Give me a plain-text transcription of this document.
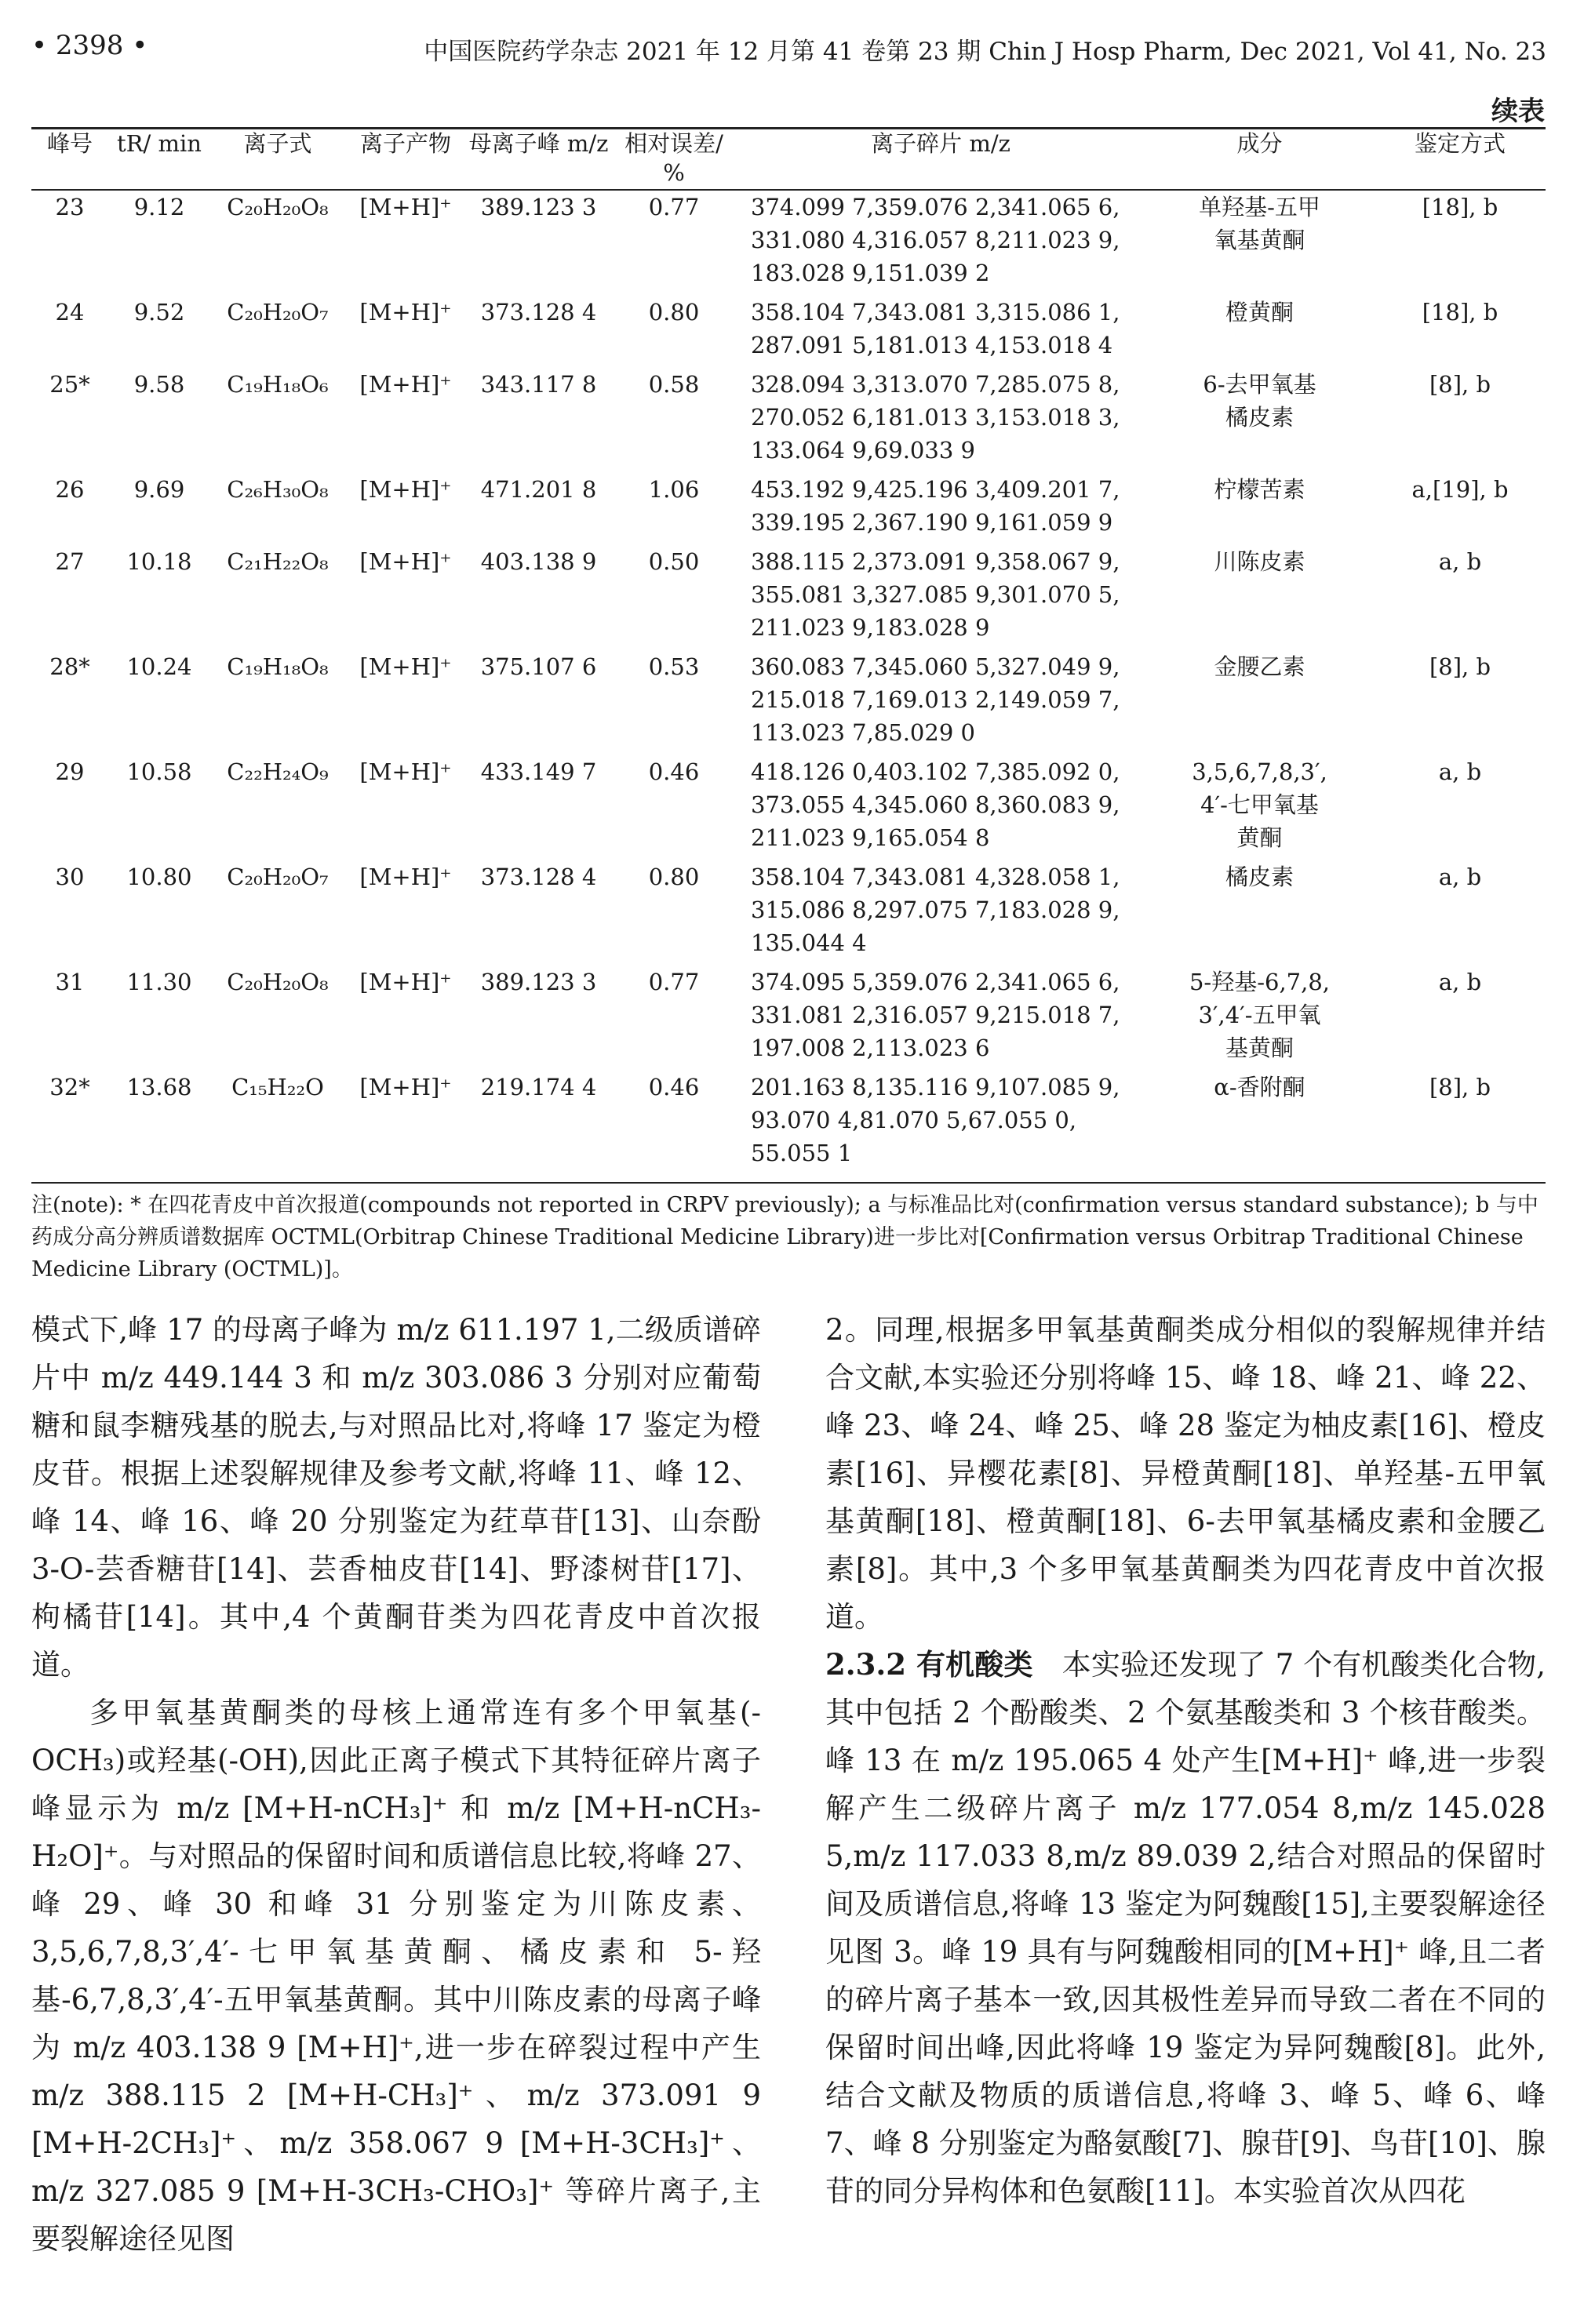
• 2398 •	中国医院药学杂志 2021 年 12 月第 41 卷第 23 期 Chin J Hosp Pharm, Dec 2021, Vol 41, No. 23
续表
峰号	tR/ min	离子式	离子产物	母离子峰 m/z	相对误差/ %	离子碎片 m/z	成分	鉴定方式
23	9.12	C₂₀H₂₀O₈	[M+H]⁺	389.123 3	0.77	374.099 7,359.076 2,341.065 6,
331.080 4,316.057 8,211.023 9,
183.028 9,151.039 2	单羟基-五甲
氧基黄酮	[18], b
24	9.52	C₂₀H₂₀O₇	[M+H]⁺	373.128 4	0.80	358.104 7,343.081 3,315.086 1,
287.091 5,181.013 4,153.018 4	橙黄酮	[18], b
25*	9.58	C₁₉H₁₈O₆	[M+H]⁺	343.117 8	0.58	328.094 3,313.070 7,285.075 8,
270.052 6,181.013 3,153.018 3,
133.064 9,69.033 9	6-去甲氧基
橘皮素	[8], b
26	9.69	C₂₆H₃₀O₈	[M+H]⁺	471.201 8	1.06	453.192 9,425.196 3,409.201 7,
339.195 2,367.190 9,161.059 9	柠檬苦素	a,[19], b
27	10.18	C₂₁H₂₂O₈	[M+H]⁺	403.138 9	0.50	388.115 2,373.091 9,358.067 9,
355.081 3,327.085 9,301.070 5,
211.023 9,183.028 9	川陈皮素	a, b
28*	10.24	C₁₉H₁₈O₈	[M+H]⁺	375.107 6	0.53	360.083 7,345.060 5,327.049 9,
215.018 7,169.013 2,149.059 7,
113.023 7,85.029 0	金腰乙素	[8], b
29	10.58	C₂₂H₂₄O₉	[M+H]⁺	433.149 7	0.46	418.126 0,403.102 7,385.092 0,
373.055 4,345.060 8,360.083 9,
211.023 9,165.054 8	3,5,6,7,8,3′,
4′-七甲氧基
黄酮	a, b
30	10.80	C₂₀H₂₀O₇	[M+H]⁺	373.128 4	0.80	358.104 7,343.081 4,328.058 1,
315.086 8,297.075 7,183.028 9,
135.044 4	橘皮素	a, b
31	11.30	C₂₀H₂₀O₈	[M+H]⁺	389.123 3	0.77	374.095 5,359.076 2,341.065 6,
331.081 2,316.057 9,215.018 7,
197.008 2,113.023 6	5-羟基-6,7,8,
3′,4′-五甲氧
基黄酮	a, b
32*	13.68	C₁₅H₂₂O	[M+H]⁺	219.174 4	0.46	201.163 8,135.116 9,107.085 9,
93.070 4,81.070 5,67.055 0,
55.055 1	α-香附酮	[8], b
注(note): * 在四花青皮中首次报道(compounds not reported in CRPV previously); a 与标准品比对(confirmation versus standard substance); b 与中药成分高分辨质谱数据库 OCTML(Orbitrap Chinese Traditional Medicine Library)进一步比对[Confirmation versus Orbitrap Traditional Chinese Medicine Library (OCTML)]。

模式下,峰 17 的母离子峰为 m/z 611.197 1,二级质谱碎片中 m/z 449.144 3 和 m/z 303.086 3 分别对应葡萄糖和鼠李糖残基的脱去,与对照品比对,将峰 17 鉴定为橙皮苷。根据上述裂解规律及参考文献,将峰 11、峰 12、峰 14、峰 16、峰 20 分别鉴定为荭草苷[13]、山奈酚 3-O-芸香糖苷[14]、芸香柚皮苷[14]、野漆树苷[17]、枸橘苷[14]。其中,4 个黄酮苷类为四花青皮中首次报道。

多甲氧基黄酮类的母核上通常连有多个甲氧基(-OCH₃)或羟基(-OH),因此正离子模式下其特征碎片离子峰显示为 m/z [M+H-nCH₃]⁺ 和 m/z [M+H-nCH₃-H₂O]⁺。与对照品的保留时间和质谱信息比较,将峰 27、峰 29、峰 30 和峰 31 分别鉴定为川陈皮素、3,5,6,7,8,3′,4′-七甲氧基黄酮、橘皮素和 5-羟基-6,7,8,3′,4′-五甲氧基黄酮。其中川陈皮素的母离子峰为 m/z 403.138 9 [M+H]⁺,进一步在碎裂过程中产生 m/z 388.115 2 [M+H-CH₃]⁺、m/z 373.091 9 [M+H-2CH₃]⁺、m/z 358.067 9 [M+H-3CH₃]⁺、m/z 327.085 9 [M+H-3CH₃-CHO₃]⁺ 等碎片离子,主要裂解途径见图

2。同理,根据多甲氧基黄酮类成分相似的裂解规律并结合文献,本实验还分别将峰 15、峰 18、峰 21、峰 22、峰 23、峰 24、峰 25、峰 28 鉴定为柚皮素[16]、橙皮素[16]、异樱花素[8]、异橙黄酮[18]、单羟基-五甲氧基黄酮[18]、橙黄酮[18]、6-去甲氧基橘皮素和金腰乙素[8]。其中,3 个多甲氧基黄酮类为四花青皮中首次报道。

2.3.2 有机酸类  本实验还发现了 7 个有机酸类化合物,其中包括 2 个酚酸类、2 个氨基酸类和 3 个核苷酸类。峰 13 在 m/z 195.065 4 处产生[M+H]⁺ 峰,进一步裂解产生二级碎片离子 m/z 177.054 8,m/z 145.028 5,m/z 117.033 8,m/z 89.039 2,结合对照品的保留时间及质谱信息,将峰 13 鉴定为阿魏酸[15],主要裂解途径见图 3。峰 19 具有与阿魏酸相同的[M+H]⁺ 峰,且二者的碎片离子基本一致,因其极性差异而导致二者在不同的保留时间出峰,因此将峰 19 鉴定为异阿魏酸[8]。此外,结合文献及物质的质谱信息,将峰 3、峰 5、峰 6、峰 7、峰 8 分别鉴定为酪氨酸[7]、腺苷[9]、鸟苷[10]、腺苷的同分异构体和色氨酸[11]。本实验首次从四花
